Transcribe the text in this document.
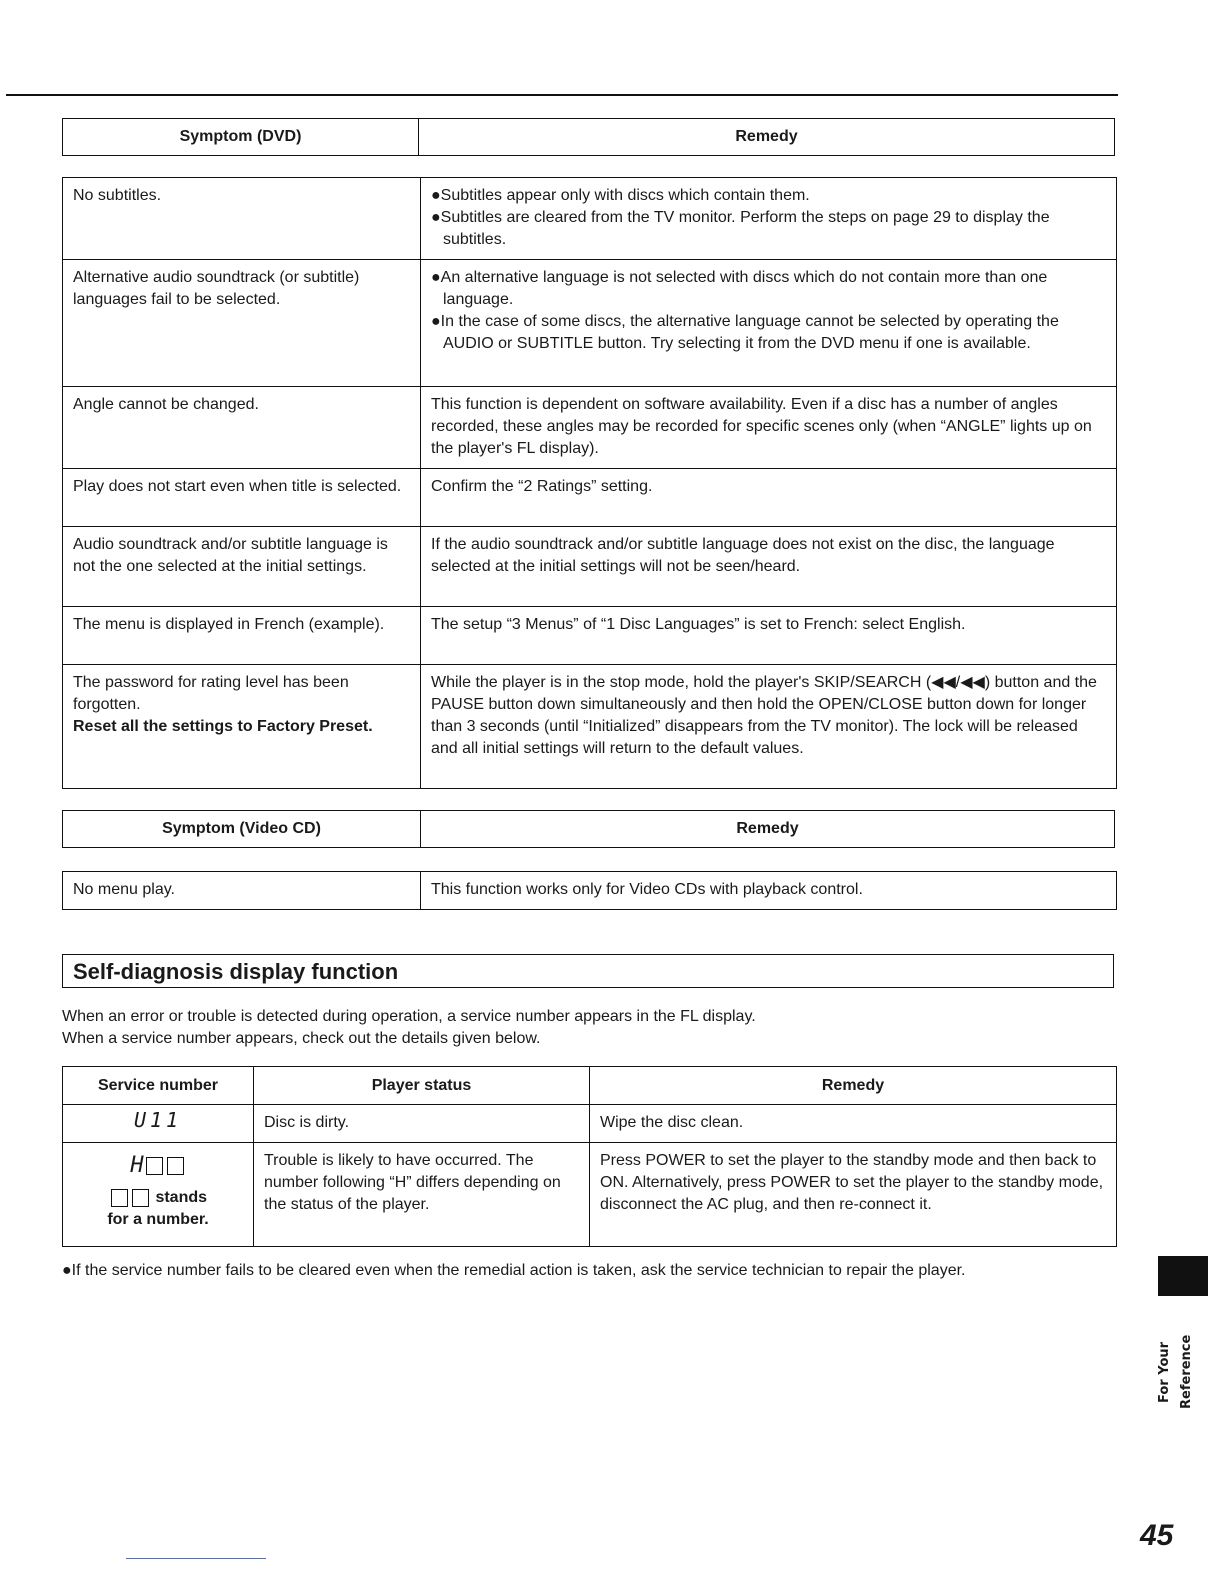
Symptom (DVD)	Remedy
No subtitles.	●Subtitles appear only with discs which contain them.
●Subtitles are cleared from the TV monitor. Perform the steps on page 29 to display the subtitles.

Alternative audio soundtrack (or subtitle) languages fail to be selected.	●An alternative language is not selected with discs which do not contain more than one language.
●In the case of some discs, the alternative language cannot be selected by operating the AUDIO or SUBTITLE button. Try selecting it from the DVD menu if one is available.

Angle cannot be changed.	This function is dependent on software availability. Even if a disc has a number of angles recorded, these angles may be recorded for specific scenes only (when “ANGLE” lights up on the player's FL display).

Play does not start even when title is selected.	Confirm the “2 Ratings” setting.

Audio soundtrack and/or subtitle language is not the one selected at the initial settings.	If the audio soundtrack and/or subtitle language does not exist on the disc, the language selected at the initial settings will not be seen/heard.

The menu is displayed in French (example).	The setup “3 Menus” of “1 Disc Languages” is set to French: select English.

The password for rating level has been forgotten.
Reset all the settings to Factory Preset.	While the player is in the stop mode, hold the player's SKIP/SEARCH (◀◀/◀◀) button and the PAUSE button down simultaneously and then hold the OPEN/CLOSE button down for longer than 3 seconds (until “Initialized” disappears from the TV monitor). The lock will be released and all initial settings will return to the default values.
Symptom (Video CD)	Remedy
No menu play.	This function works only for Video CDs with playback control.
Self-diagnosis display function
When an error or trouble is detected during operation, a service number appears in the FL display.
When a service number appears, check out the details given below.
Service number	Player status	Remedy

U11	Disc is dirty.	Wipe the disc clean.

H
stands
for a number.	Trouble is likely to have occurred. The number following “H” differs depending on the status of the player.	Press POWER to set the player to the standby mode and then back to ON. Alternatively, press POWER to set the player to the standby mode, disconnect the AC plug, and then re-connect it.
●If the service number fails to be cleared even when the remedial action is taken, ask the service technician to repair the player.
For Your Reference
45
